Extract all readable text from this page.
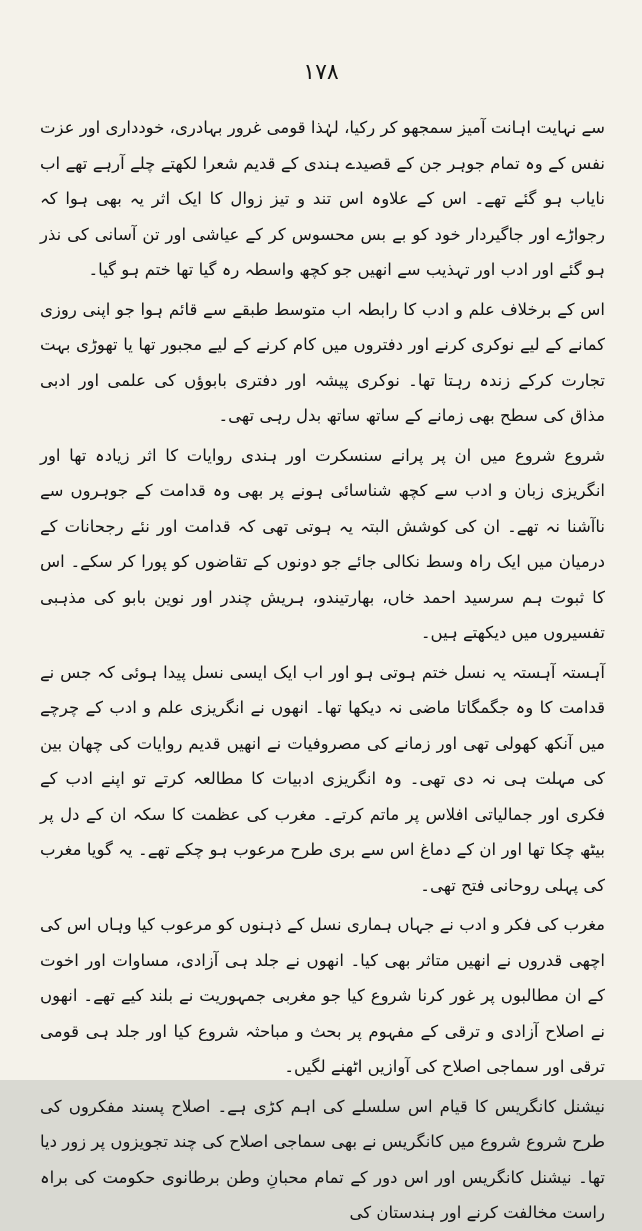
۱۷۸

سے نہایت اہانت آمیز سمجھو کر رکیا، لہٰذا قومی غرور بہادری، خودداری اور عزت نفس کے وہ تمام جوہر جن کے قصیدے ہندی کے قدیم شعرا لکھتے چلے آرہے تھے اب نایاب ہو گئے تھے۔ اس کے علاوہ اس تند و تیز زوال کا ایک اثر یہ بھی ہوا کہ رجواڑے اور جاگیردار خود کو بے بس محسوس کر کے عیاشی اور تن آسانی کی نذر ہو گئے اور ادب اور تہذیب سے انھیں جو کچھ واسطہ رہ گیا تھا ختم ہو گیا۔

اس کے برخلاف علم و ادب کا رابطہ اب متوسط طبقے سے قائم ہوا جو اپنی روزی کمانے کے لیے نوکری کرنے اور دفتروں میں کام کرنے کے لیے مجبور تھا یا تھوڑی بہت تجارت کرکے زندہ رہتا تھا۔ نوکری پیشہ اور دفتری بابوؤں کی علمی اور ادبی مذاق کی سطح بھی زمانے کے ساتھ ساتھ بدل رہی تھی۔

شروع شروع میں ان پر پرانے سنسکرت اور ہندی روایات کا اثر زیادہ تھا اور انگریزی زبان و ادب سے کچھ شناسائی ہونے پر بھی وہ قدامت کے جوہروں سے ناآشنا نہ تھے۔ ان کی کوشش البتہ یہ ہوتی تھی کہ قدامت اور نئے رجحانات کے درمیان میں ایک راہ وسط نکالی جائے جو دونوں کے تقاضوں کو پورا کر سکے۔ اس کا ثبوت ہم سرسید احمد خاں، بھارتیندو، ہریش چندر اور نوین بابو کی مذہبی تفسیروں میں دیکھتے ہیں۔

آہستہ آہستہ یہ نسل ختم ہوتی ہو اور اب ایک ایسی نسل پیدا ہوئی کہ جس نے قدامت کا وہ جگمگاتا ماضی نہ دیکھا تھا۔ انھوں نے انگریزی علم و ادب کے چرچے میں آنکھ کھولی تھی اور زمانے کی مصروفیات نے انھیں قدیم روایات کی چھان بین کی مہلت ہی نہ دی تھی۔ وہ انگریزی ادبیات کا مطالعہ کرتے تو اپنے ادب کے فکری اور جمالیاتی افلاس پر ماتم کرتے۔ مغرب کی عظمت کا سکہ ان کے دل پر بیٹھ چکا تھا اور ان کے دماغ اس سے بری طرح مرعوب ہو چکے تھے۔ یہ گویا مغرب کی پہلی روحانی فتح تھی۔

مغرب کی فکر و ادب نے جہاں ہماری نسل کے ذہنوں کو مرعوب کیا وہاں اس کی اچھی قدروں نے انھیں متاثر بھی کیا۔ انھوں نے جلد ہی آزادی، مساوات اور اخوت کے ان مطالبوں پر غور کرنا شروع کیا جو مغربی جمہوریت نے بلند کیے تھے۔ انھوں نے اصلاح آزادی و ترقی کے مفہوم پر بحث و مباحثہ شروع کیا اور جلد ہی قومی ترقی اور سماجی اصلاح کی آوازیں اٹھنے لگیں۔

نیشنل کانگریس کا قیام اس سلسلے کی اہم کڑی ہے۔ اصلاح پسند مفکروں کی طرح شروع شروع میں کانگریس نے بھی سماجی اصلاح کی چند تجویزوں پر زور دیا تھا۔ نیشنل کانگریس اور اس دور کے تمام محبانِ وطن برطانوی حکومت کی براہ راست مخالفت کرنے اور ہندستان کی
